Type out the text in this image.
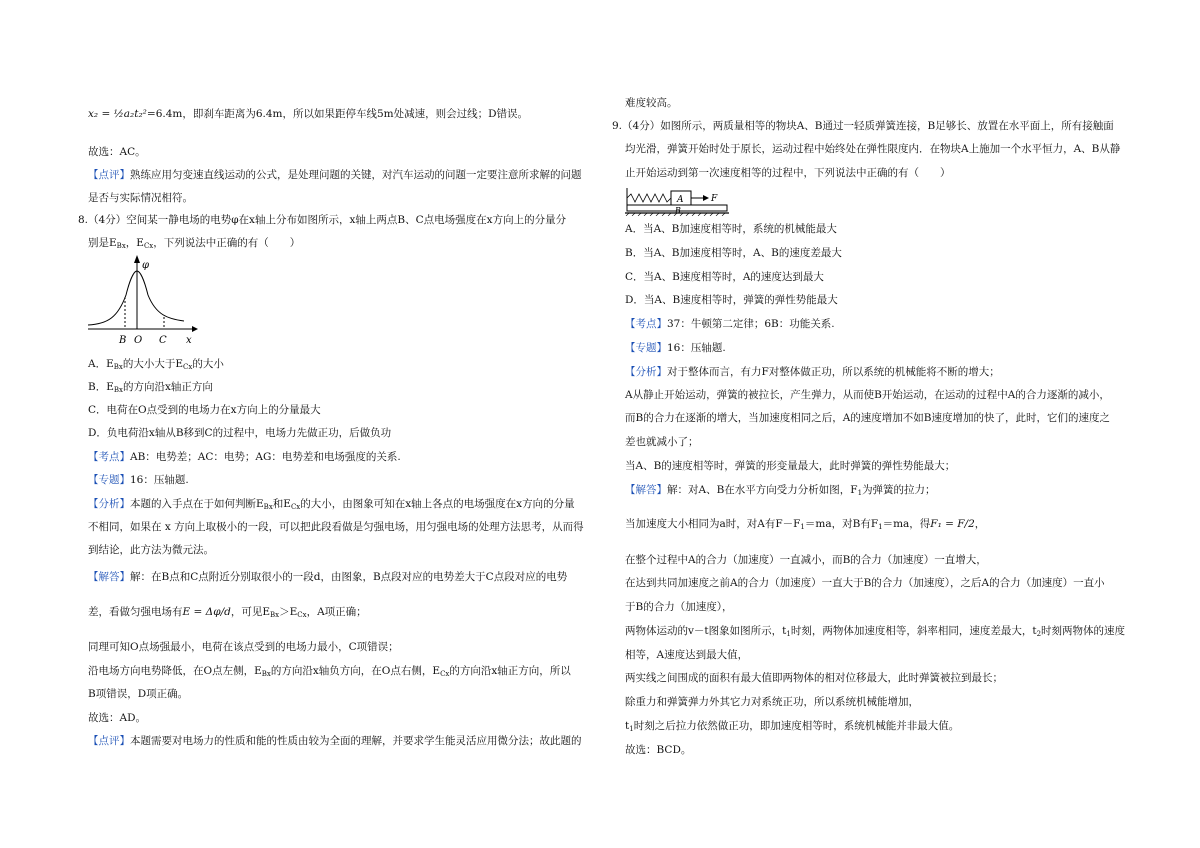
x₂ = ½a₂t₂²=6.4m，即刹车距离为6.4m，所以如果距停车线5m处减速，则会过线；D错误。
故选：AC。
【点评】熟练应用匀变速直线运动的公式，是处理问题的关键，对汽车运动的问题一定要注意所求解的问题
是否与实际情况相符。
8.（4分）空间某一静电场的电势φ在x轴上分布如图所示，x轴上两点B、C点电场强度在x方向上的分量分
别是$E_{Bx}$，$E_{Cx}$，下列说法中正确的有（　　）
φ
x
B O C
A．$E_{Bx}$的大小大于$E_{Cx}$的大小
B．$E_{Bx}$的方向沿x轴正方向
C．电荷在O点受到的电场力在x方向上的分量最大
D．负电荷沿x轴从B移到C的过程中，电场力先做正功，后做负功
【考点】AB：电势差；AC：电势；AG：电势差和电场强度的关系.
【专题】16：压轴题.
【分析】本题的入手点在于如何判断$E_{Bx}$和$E_{Cx}$的大小，由图象可知在x轴上各点的电场强度在x方向的分量
不相同，如果在 x 方向上取极小的一段，可以把此段看做是匀强电场，用匀强电场的处理方法思考，从而得
到结论，此方法为微元法。
【解答】解：在B点和C点附近分别取很小的一段d，由图象，B点段对应的电势差大于C点段对应的电势
差，看做匀强电场有E = Δφ/d，可见$E_{Bx}>E_{Cx}$，A项正确；
同理可知O点场强最小，电荷在该点受到的电场力最小，C项错误；
沿电场方向电势降低，在O点左侧，$E_{Bx}$的方向沿x轴负方向，在O点右侧，$E_{Cx}$的方向沿x轴正方向，所以
B项错误，D项正确。
故选：AD。
【点评】本题需要对电场力的性质和能的性质由较为全面的理解，并要求学生能灵活应用微分法；故此题的
难度较高。
9.（4分）如图所示，两质量相等的物块A、B通过一轻质弹簧连接，B足够长、放置在水平面上，所有接触面
均光滑，弹簧开始时处于原长，运动过程中始终处在弹性限度内．在物块A上施加一个水平恒力，A、B从静
止开始运动到第一次速度相等的过程中，下列说法中正确的有（　　）
A	F
B
A．当A、B加速度相等时，系统的机械能最大
B．当A、B加速度相等时，A、B的速度差最大
C．当A、B速度相等时，A的速度达到最大
D．当A、B速度相等时，弹簧的弹性势能最大
【考点】37：牛顿第二定律；6B：功能关系.
【专题】16：压轴题.
【分析】对于整体而言，有力F对整体做正功，所以系统的机械能将不断的增大；
A从静止开始运动，弹簧的被拉长，产生弹力，从而使B开始运动，在运动的过程中A的合力逐渐的减小，
而B的合力在逐渐的增大，当加速度相同之后，A的速度增加不如B速度增加的快了，此时，它们的速度之
差也就减小了；
当A、B的速度相等时，弹簧的形变量最大，此时弹簧的弹性势能最大；
【解答】解：对A、B在水平方向受力分析如图，$F_1$为弹簧的拉力；
当加速度大小相同为a时，对A有$F-F_1=ma$，对B有$F_1=ma$，得F₁ = F/2，
在整个过程中A的合力（加速度）一直减小，而B的合力（加速度）一直增大，
在达到共同加速度之前A的合力（加速度）一直大于B的合力（加速度），之后A的合力（加速度）一直小
于B的合力（加速度），
两物体运动的v－t图象如图所示，$t_1$时刻，两物体加速度相等，斜率相同，速度差最大，$t_2$时刻两物体的速度
相等，A速度达到最大值，
两实线之间围成的面积有最大值即两物体的相对位移最大，此时弹簧被拉到最长；
除重力和弹簧弹力外其它力对系统正功，所以系统机械能增加，
$t_1$时刻之后拉力依然做正功，即加速度相等时，系统机械能并非最大值。
故选：BCD。
